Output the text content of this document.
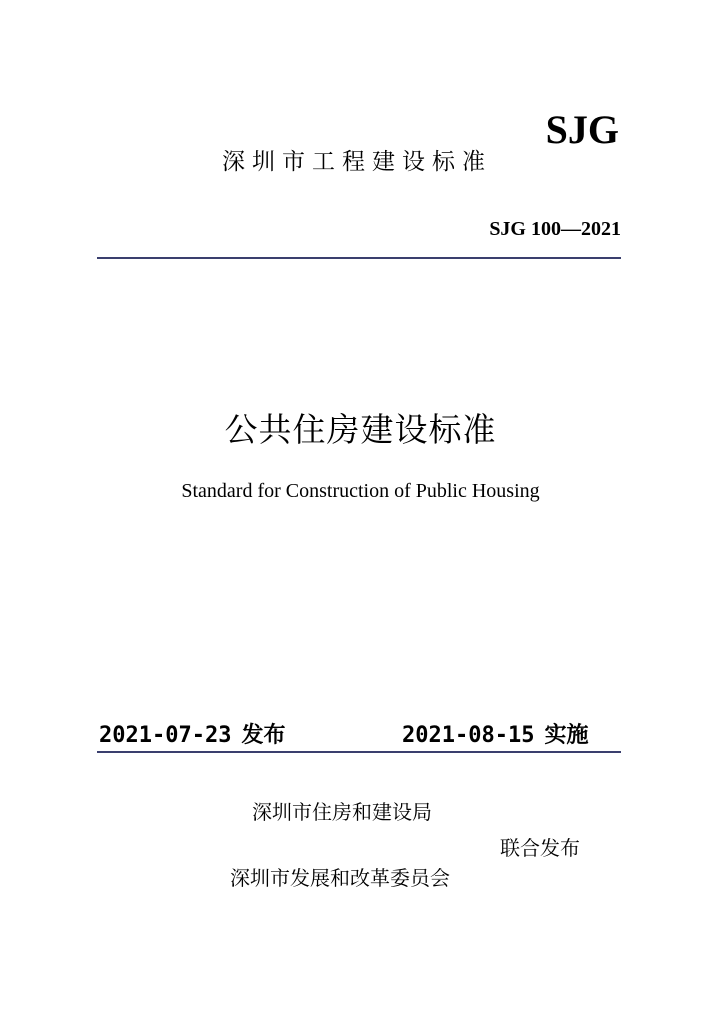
SJG
深圳市工程建设标准
SJG 100—2021
公共住房建设标准
Standard for Construction of Public Housing
2021-07-23 发布	2021-08-15 实施
深圳市住房和建设局
联合发布
深圳市发展和改革委员会
